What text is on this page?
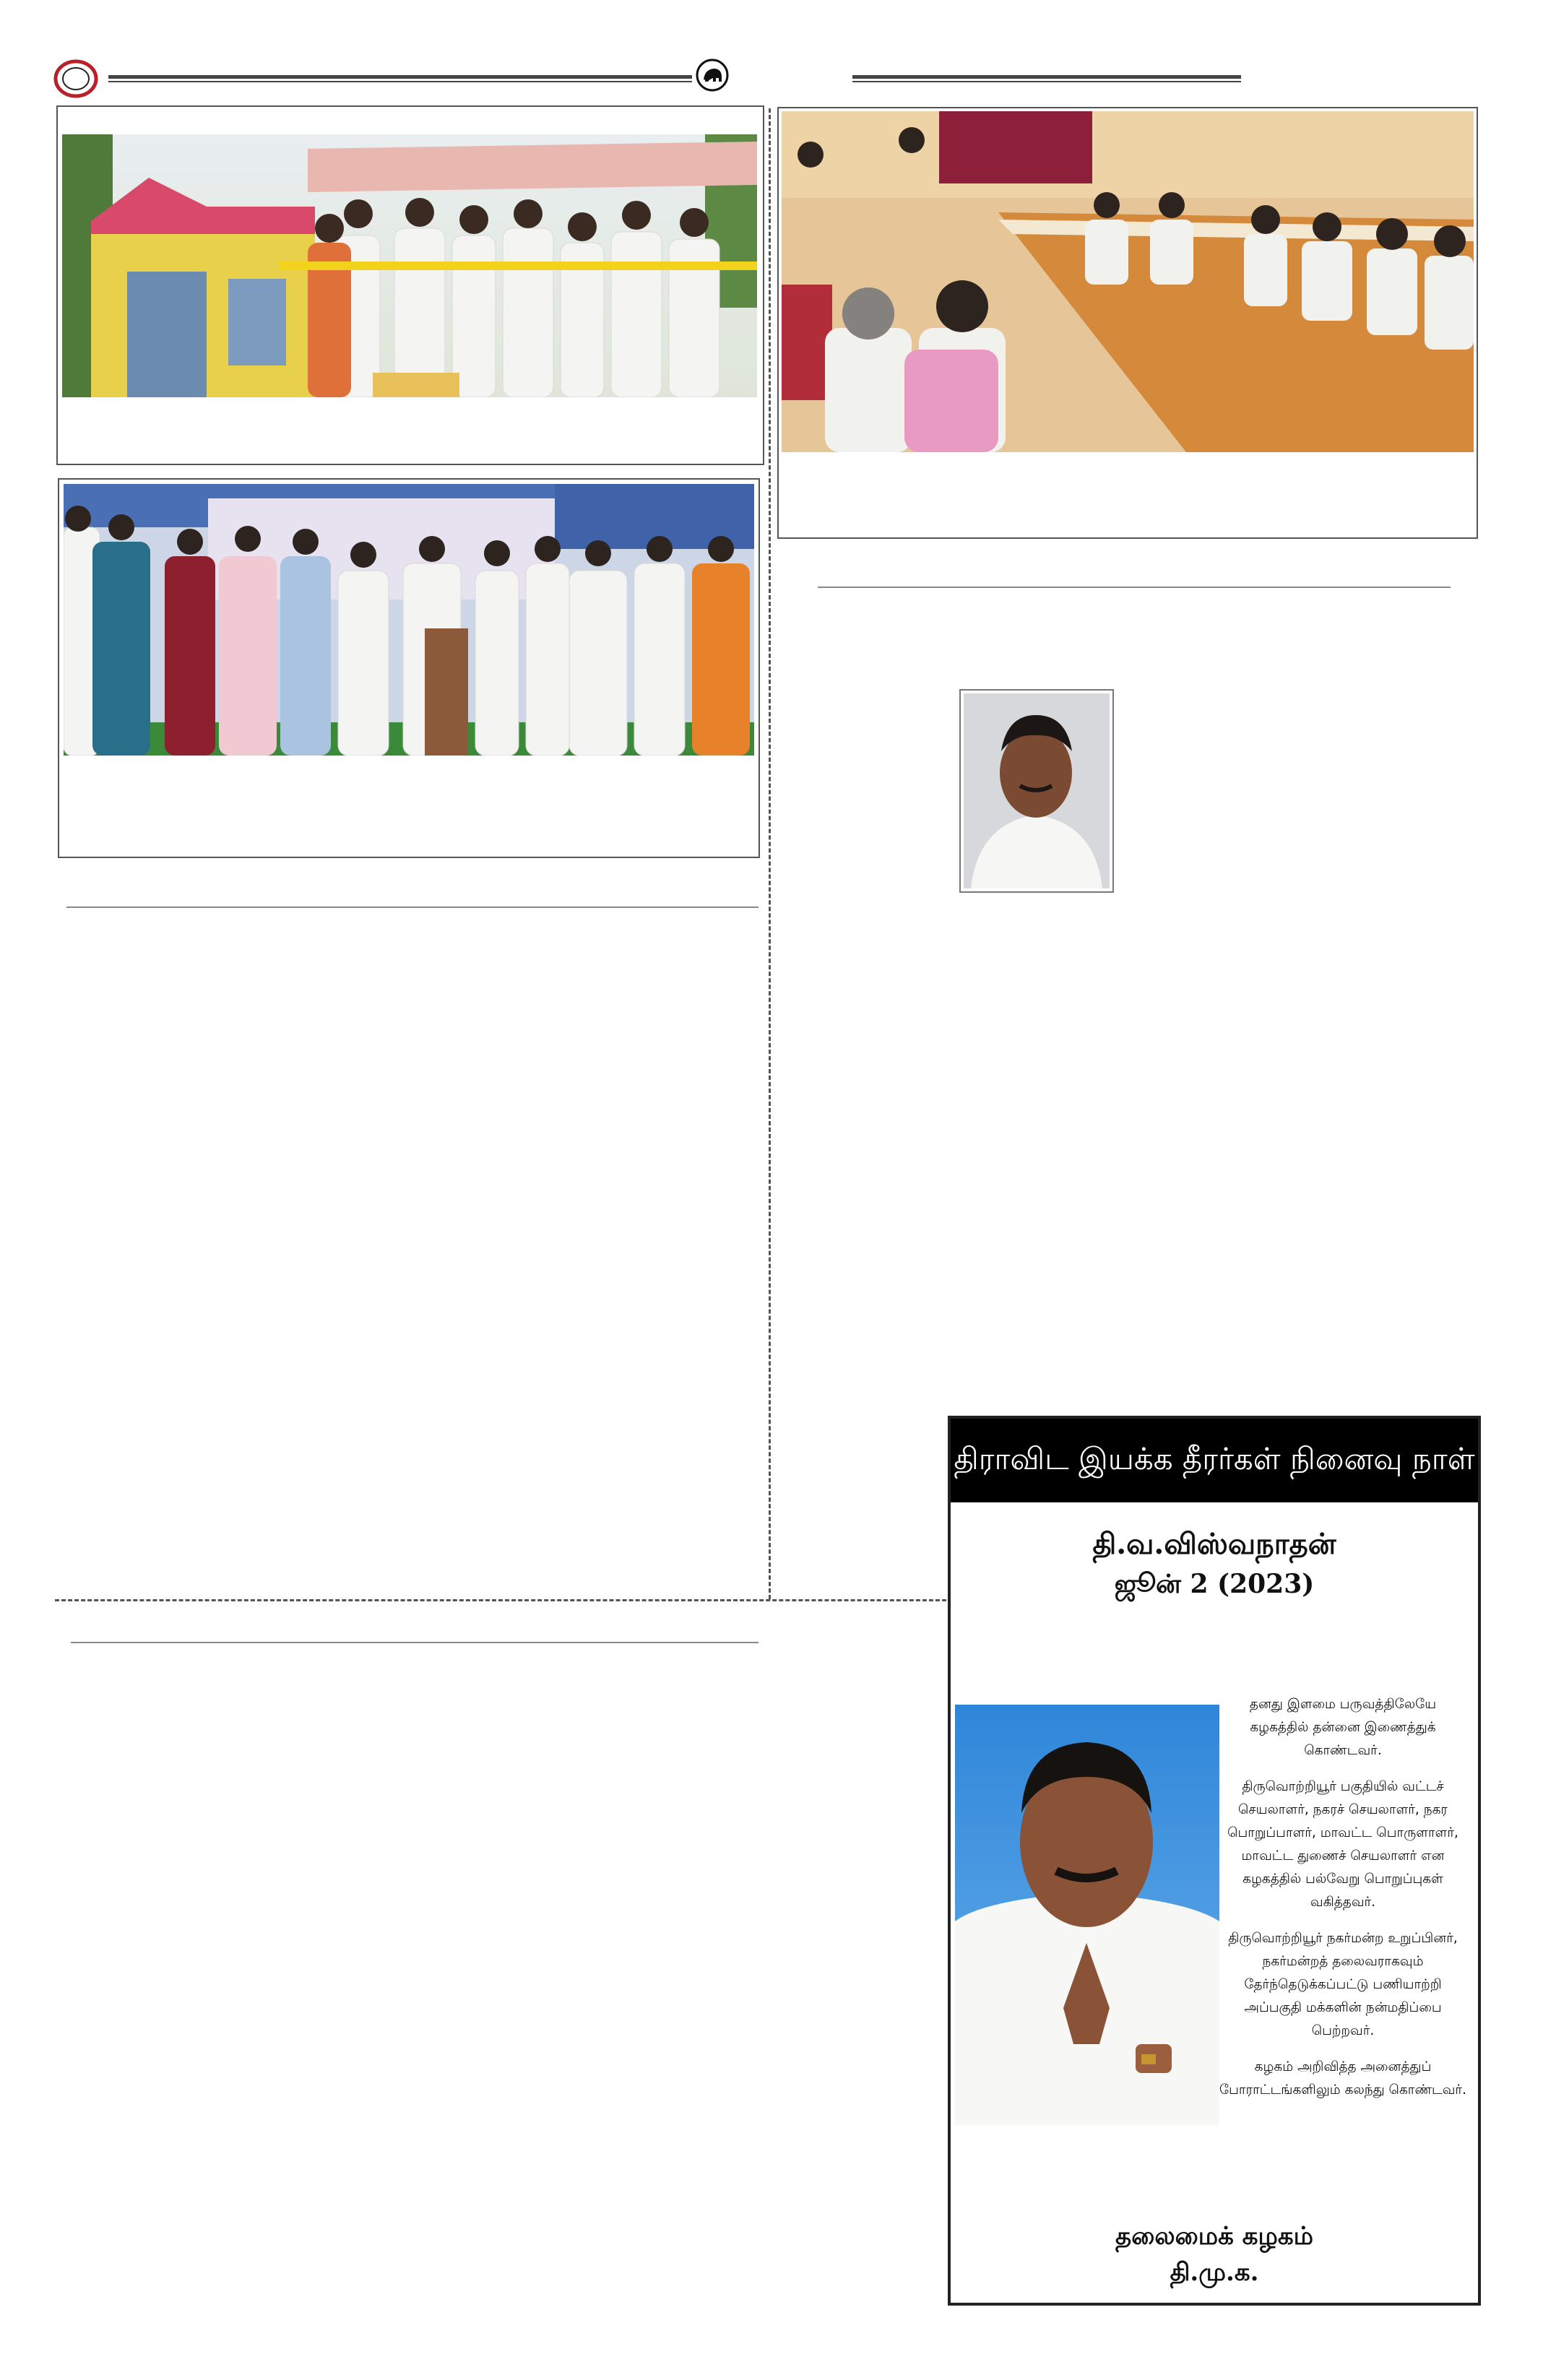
திராவிட இயக்க தீரர்கள் நினைவு நாள்
தி.வ.விஸ்வநாதன்
ஜூன் 2 (2023)

தனது இளமை பருவத்திலேயே கழகத்தில் தன்னை இணைத்துக் கொண்டவர்.

திருவொற்றியூர் பகுதியில் வட்டச் செயலாளர், நகரச் செயலாளர், நகர பொறுப்பாளர், மாவட்ட பொருளாளர், மாவட்ட துணைச் செயலாளர் என கழகத்தில் பல்வேறு பொறுப்புகள் வகித்தவர்.

திருவொற்றியூர் நகர்மன்ற உறுப்பினர், நகர்மன்றத் தலைவராகவும் தேர்ந்தெடுக்கப்பட்டு பணியாற்றி அப்பகுதி மக்களின் நன்மதிப்பை பெற்றவர்.

கழகம் அறிவித்த அனைத்துப் போராட்டங்களிலும் கலந்து கொண்டவர்.

தலைமைக் கழகம்
தி.மு.க.
